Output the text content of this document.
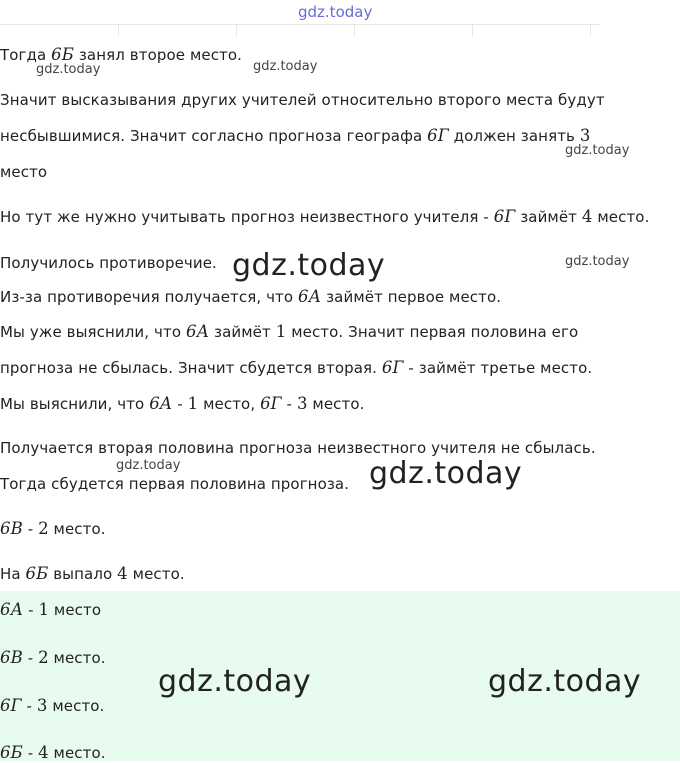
Тогда 6Б занял второе место.
Значит высказывания других учителей относительно второго места будут
несбывшимися. Значит согласно прогноза географа 6Г должен занять 3
место
Но тут же нужно учитывать прогноз неизвестного учителя - 6Г займёт 4 место.
Получилось противоречие.
Из-за противоречия получается, что 6А займёт первое место.
Мы уже выяснили, что 6А займёт 1 место. Значит первая половина его
прогноза не сбылась. Значит сбудется вторая. 6Г - займёт третье место.
Мы выяснили, что 6А - 1 место, 6Г - 3 место.
Получается вторая половина прогноза неизвестного учителя не сбылась.
Тогда сбудется первая половина прогноза.
6В - 2 место.
На 6Б выпало 4 место.
6А - 1 место
6В - 2 место.
6Г - 3 место.
6Б - 4 место.
gdz.today
gdz.today	gdz.today
gdz.today
gdz.today	gdz.today
gdz.today	gdz.today
gdz.today	gdz.today
